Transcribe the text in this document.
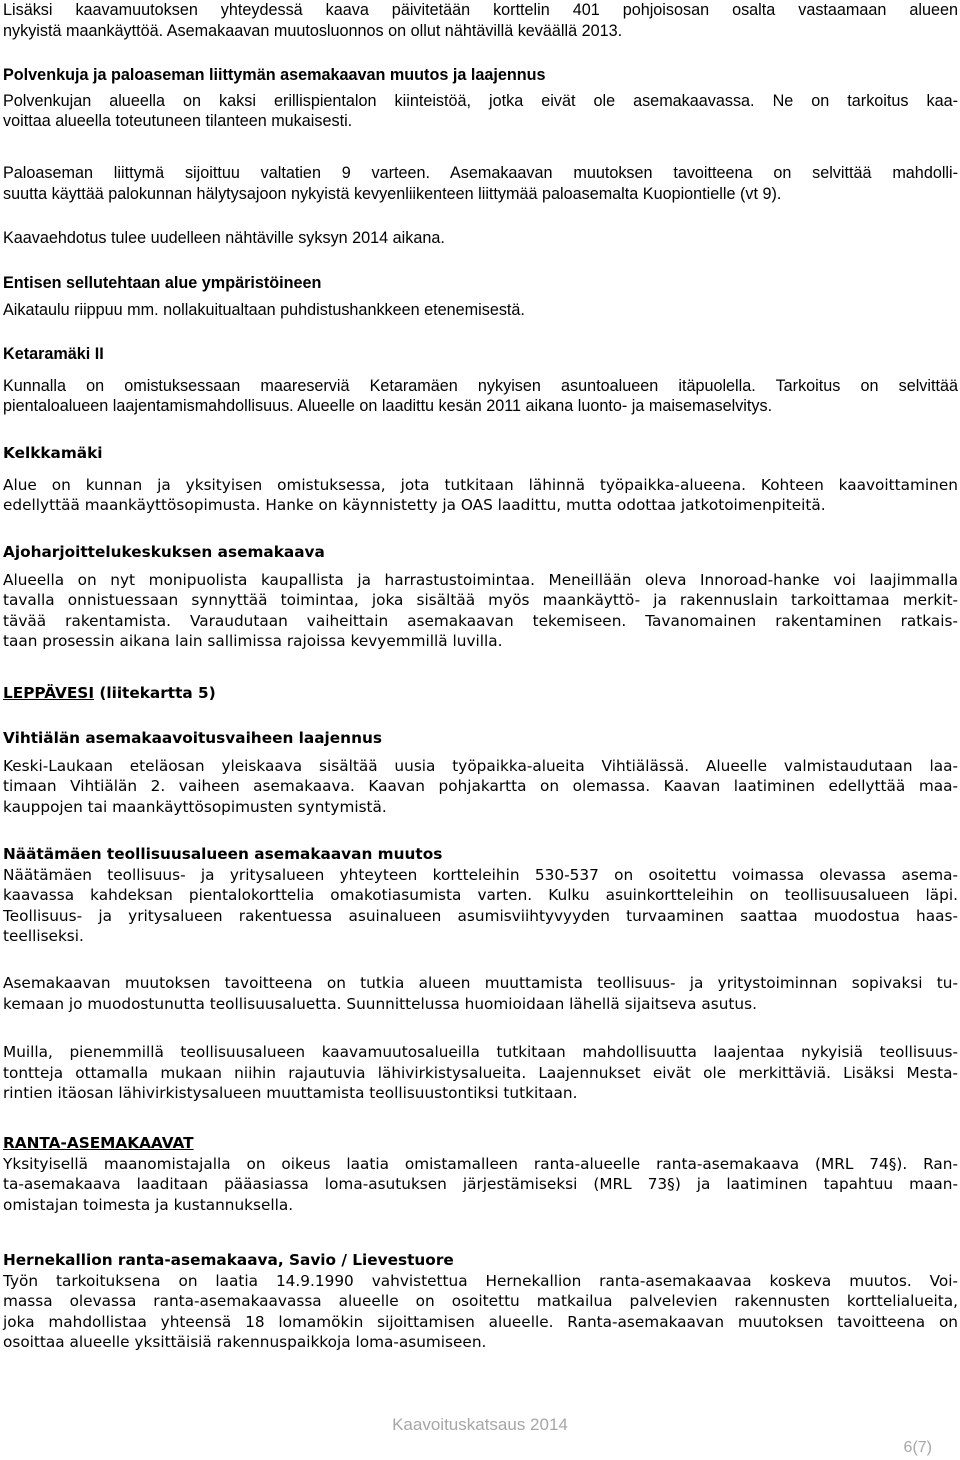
Lisäksi kaavamuutoksen yhteydessä kaava päivitetään korttelin 401 pohjoisosan osalta vastaamaan alueen

nykyistä maankäyttöä. Asemakaavan muutosluonnos on ollut nähtävillä keväällä 2013.

Polvenkuja ja paloaseman liittymän asemakaavan muutos ja laajennus

Polvenkujan alueella on kaksi erillispientalon kiinteistöä, jotka eivät ole asemakaavassa. Ne on tarkoitus kaa-

voittaa alueella toteutuneen tilanteen mukaisesti.

Paloaseman liittymä sijoittuu valtatien 9 varteen. Asemakaavan muutoksen tavoitteena on selvittää mahdolli-

suutta käyttää palokunnan hälytysajoon nykyistä kevyenliikenteen liittymää paloasemalta Kuopiontielle (vt 9).

Kaavaehdotus tulee uudelleen nähtäville syksyn 2014 aikana.

Entisen sellutehtaan alue ympäristöineen

Aikataulu riippuu mm. nollakuitualtaan puhdistushankkeen etenemisestä.

Ketaramäki II

Kunnalla on omistuksessaan maareserviä Ketaramäen nykyisen asuntoalueen itäpuolella. Tarkoitus on selvittää

pientaloalueen laajentamismahdollisuus. Alueelle on laadittu kesän 2011 aikana luonto- ja maisemaselvitys.

Kelkkamäki

Alue on kunnan ja yksityisen omistuksessa, jota tutkitaan lähinnä työpaikka-alueena. Kohteen kaavoittaminen

edellyttää maankäyttösopimusta. Hanke on käynnistetty ja OAS laadittu, mutta odottaa jatkotoimenpiteitä.

Ajoharjoittelukeskuksen asemakaava

Alueella on nyt monipuolista kaupallista ja harrastustoimintaa. Meneillään oleva Innoroad-hanke voi laajimmalla

tavalla onnistuessaan synnyttää toimintaa, joka sisältää myös maankäyttö- ja rakennuslain tarkoittamaa merkit-

tävää rakentamista. Varaudutaan vaiheittain asemakaavan tekemiseen. Tavanomainen rakentaminen ratkais-

taan prosessin aikana lain sallimissa rajoissa kevyemmillä luvilla.

LEPPÄVESI (liitekartta 5)

Vihtiälän asemakaavoitusvaiheen laajennus

Keski-Laukaan eteläosan yleiskaava sisältää uusia työpaikka-alueita Vihtiälässä. Alueelle valmistaudutaan laa-

timaan Vihtiälän 2. vaiheen asemakaava. Kaavan pohjakartta on olemassa. Kaavan laatiminen edellyttää maa-

kauppojen tai maankäyttösopimusten syntymistä.

Näätämäen teollisuusalueen asemakaavan muutos

Näätämäen teollisuus- ja yritysalueen yhteyteen kortteleihin 530-537 on osoitettu voimassa olevassa asema-

kaavassa kahdeksan pientalokorttelia omakotiasumista varten. Kulku asuinkortteleihin on teollisuusalueen läpi.

Teollisuus- ja yritysalueen rakentuessa asuinalueen asumisviihtyvyyden turvaaminen saattaa muodostua haas-

teelliseksi.

Asemakaavan muutoksen tavoitteena on tutkia alueen muuttamista teollisuus- ja yritystoiminnan sopivaksi tu-

kemaan jo muodostunutta teollisuusaluetta. Suunnittelussa huomioidaan lähellä sijaitseva asutus.

Muilla, pienemmillä teollisuusalueen kaavamuutosalueilla tutkitaan mahdollisuutta laajentaa nykyisiä teollisuus-

tontteja ottamalla mukaan niihin rajautuvia lähivirkistysalueita. Laajennukset eivät ole merkittäviä. Lisäksi Mesta-

rintien itäosan lähivirkistysalueen muuttamista teollisuustontiksi tutkitaan.

RANTA-ASEMAKAAVAT

Yksityisellä maanomistajalla on oikeus laatia omistamalleen ranta-alueelle ranta-asemakaava (MRL 74§). Ran-

ta-asemakaava laaditaan pääasiassa loma-asutuksen järjestämiseksi (MRL 73§) ja laatiminen tapahtuu maan-

omistajan toimesta ja kustannuksella.

Hernekallion ranta-asemakaava, Savio / Lievestuore

Työn tarkoituksena on laatia 14.9.1990 vahvistettua Hernekallion ranta-asemakaavaa koskeva muutos. Voi-

massa olevassa ranta-asemakaavassa alueelle on osoitettu matkailua palvelevien rakennusten korttelialueita,

joka mahdollistaa yhteensä 18 lomamökin sijoittamisen alueelle. Ranta-asemakaavan muutoksen tavoitteena on

osoittaa alueelle yksittäisiä rakennuspaikkoja loma-asumiseen.

Kaavoituskatsaus 2014
6(7)
